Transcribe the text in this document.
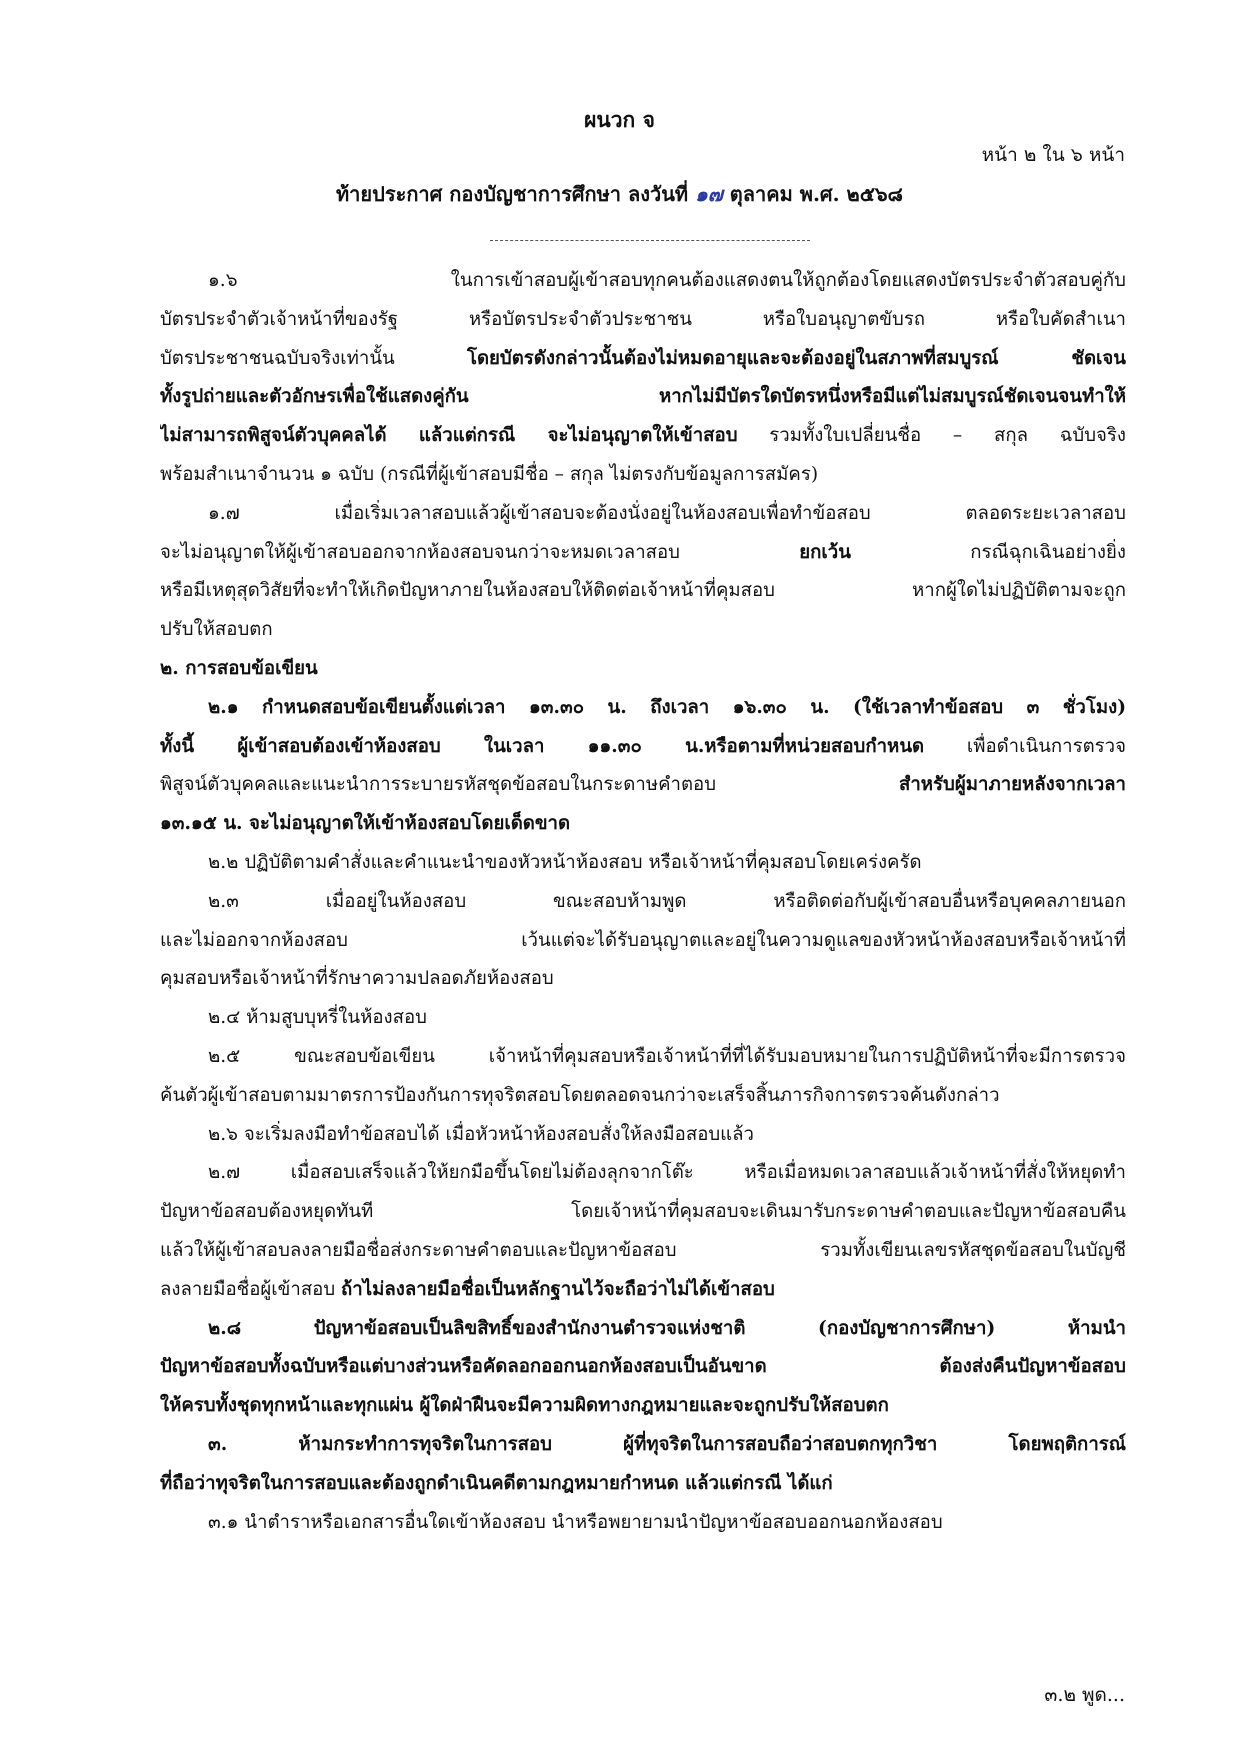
ผนวก จ
หน้า ๒ ใน ๖ หน้า
ท้ายประกาศ กองบัญชาการศึกษา ลงวันที่ ๑๗ ตุลาคม พ.ศ. ๒๕๖๘
๑.๖ ในการเข้าสอบผู้เข้าสอบทุกคนต้องแสดงตนให้ถูกต้องโดยแสดงบัตรประจำตัวสอบคู่กับ
บัตรประจำตัวเจ้าหน้าที่ของรัฐ หรือบัตรประจำตัวประชาชน หรือใบอนุญาตขับรถ หรือใบคัดสำเนา
บัตรประชาชนฉบับจริงเท่านั้น โดยบัตรดังกล่าวนั้นต้องไม่หมดอายุและจะต้องอยู่ในสภาพที่สมบูรณ์ ชัดเจน
ทั้งรูปถ่ายและตัวอักษรเพื่อใช้แสดงคู่กัน หากไม่มีบัตรใดบัตรหนึ่งหรือมีแต่ไม่สมบูรณ์ชัดเจนจนทำให้
ไม่สามารถพิสูจน์ตัวบุคคลได้ แล้วแต่กรณี จะไม่อนุญาตให้เข้าสอบ รวมทั้งใบเปลี่ยนชื่อ – สกุล ฉบับจริง
พร้อมสำเนาจำนวน ๑ ฉบับ (กรณีที่ผู้เข้าสอบมีชื่อ – สกุล ไม่ตรงกับข้อมูลการสมัคร)
๑.๗ เมื่อเริ่มเวลาสอบแล้วผู้เข้าสอบจะต้องนั่งอยู่ในห้องสอบเพื่อทำข้อสอบ ตลอดระยะเวลาสอบ
จะไม่อนุญาตให้ผู้เข้าสอบออกจากห้องสอบจนกว่าจะหมดเวลาสอบ ยกเว้น กรณีฉุกเฉินอย่างยิ่ง
หรือมีเหตุสุดวิสัยที่จะทำให้เกิดปัญหาภายในห้องสอบให้ติดต่อเจ้าหน้าที่คุมสอบ หากผู้ใดไม่ปฏิบัติตามจะถูก
ปรับให้สอบตก
๒. การสอบข้อเขียน
๒.๑ กำหนดสอบข้อเขียนตั้งแต่เวลา ๑๓.๓๐ น. ถึงเวลา ๑๖.๓๐ น. (ใช้เวลาทำข้อสอบ ๓ ชั่วโมง)
ทั้งนี้ ผู้เข้าสอบต้องเข้าห้องสอบ ในเวลา ๑๑.๓๐ น.หรือตามที่หน่วยสอบกำหนด เพื่อดำเนินการตรวจ
พิสูจน์ตัวบุคคลและแนะนำการระบายรหัสชุดข้อสอบในกระดาษคำตอบ สำหรับผู้มาภายหลังจากเวลา
๑๓.๑๕ น. จะไม่อนุญาตให้เข้าห้องสอบโดยเด็ดขาด
๒.๒ ปฏิบัติตามคำสั่งและคำแนะนำของหัวหน้าห้องสอบ หรือเจ้าหน้าที่คุมสอบโดยเคร่งครัด
๒.๓ เมื่ออยู่ในห้องสอบ ขณะสอบห้ามพูด หรือติดต่อกับผู้เข้าสอบอื่นหรือบุคคลภายนอก
และไม่ออกจากห้องสอบ เว้นแต่จะได้รับอนุญาตและอยู่ในความดูแลของหัวหน้าห้องสอบหรือเจ้าหน้าที่
คุมสอบหรือเจ้าหน้าที่รักษาความปลอดภัยห้องสอบ
๒.๔ ห้ามสูบบุหรี่ในห้องสอบ
๒.๕ ขณะสอบข้อเขียน เจ้าหน้าที่คุมสอบหรือเจ้าหน้าที่ที่ได้รับมอบหมายในการปฏิบัติหน้าที่จะมีการตรวจ
ค้นตัวผู้เข้าสอบตามมาตรการป้องกันการทุจริตสอบโดยตลอดจนกว่าจะเสร็จสิ้นภารกิจการตรวจค้นดังกล่าว
๒.๖ จะเริ่มลงมือทำข้อสอบได้ เมื่อหัวหน้าห้องสอบสั่งให้ลงมือสอบแล้ว
๒.๗ เมื่อสอบเสร็จแล้วให้ยกมือขึ้นโดยไม่ต้องลุกจากโต๊ะ หรือเมื่อหมดเวลาสอบแล้วเจ้าหน้าที่สั่งให้หยุดทำ
ปัญหาข้อสอบต้องหยุดทันที โดยเจ้าหน้าที่คุมสอบจะเดินมารับกระดาษคำตอบและปัญหาข้อสอบคืน
แล้วให้ผู้เข้าสอบลงลายมือชื่อส่งกระดาษคำตอบและปัญหาข้อสอบ รวมทั้งเขียนเลขรหัสชุดข้อสอบในบัญชี
ลงลายมือชื่อผู้เข้าสอบ ถ้าไม่ลงลายมือชื่อเป็นหลักฐานไว้จะถือว่าไม่ได้เข้าสอบ
๒.๘ ปัญหาข้อสอบเป็นลิขสิทธิ์ของสำนักงานตำรวจแห่งชาติ (กองบัญชาการศึกษา) ห้ามนำ
ปัญหาข้อสอบทั้งฉบับหรือแต่บางส่วนหรือคัดลอกออกนอกห้องสอบเป็นอันขาด ต้องส่งคืนปัญหาข้อสอบ
ให้ครบทั้งชุดทุกหน้าและทุกแผ่น ผู้ใดฝ่าฝืนจะมีความผิดทางกฎหมายและจะถูกปรับให้สอบตก
๓. ห้ามกระทำการทุจริตในการสอบ ผู้ที่ทุจริตในการสอบถือว่าสอบตกทุกวิชา โดยพฤติการณ์
ที่ถือว่าทุจริตในการสอบและต้องถูกดำเนินคดีตามกฎหมายกำหนด แล้วแต่กรณี ได้แก่
๓.๑ นำตำราหรือเอกสารอื่นใดเข้าห้องสอบ นำหรือพยายามนำปัญหาข้อสอบออกนอกห้องสอบ
๓.๒ พูด...
